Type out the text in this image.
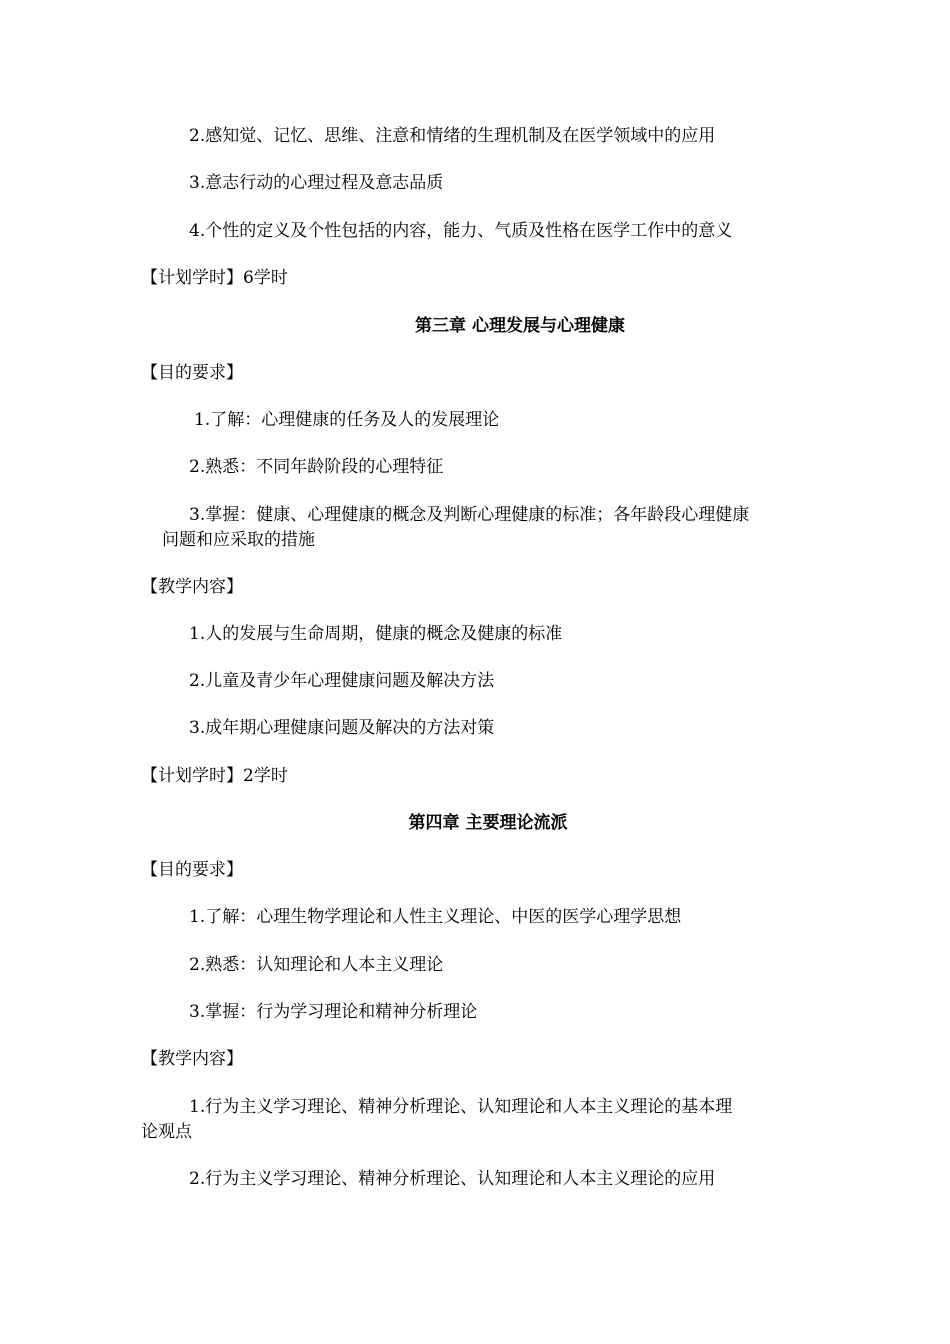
2.感知觉、记忆、思维、注意和情绪的生理机制及在医学领域中的应用

3.意志行动的心理过程及意志品质

4.个性的定义及个性包括的内容，能力、气质及性格在医学工作中的意义

【计划学时】6学时

第三章 心理发展与心理健康

【目的要求】

1.了解：心理健康的任务及人的发展理论

2.熟悉：不同年龄阶段的心理特征

3.掌握：健康、心理健康的概念及判断心理健康的标准；各年龄段心理健康

问题和应采取的措施

【教学内容】

1.人的发展与生命周期，健康的概念及健康的标准

2.儿童及青少年心理健康问题及解决方法

3.成年期心理健康问题及解决的方法对策

【计划学时】2学时

第四章 主要理论流派

【目的要求】

1.了解：心理生物学理论和人性主义理论、中医的医学心理学思想

2.熟悉：认知理论和人本主义理论

3.掌握：行为学习理论和精神分析理论

【教学内容】

1.行为主义学习理论、精神分析理论、认知理论和人本主义理论的基本理

论观点

2.行为主义学习理论、精神分析理论、认知理论和人本主义理论的应用
